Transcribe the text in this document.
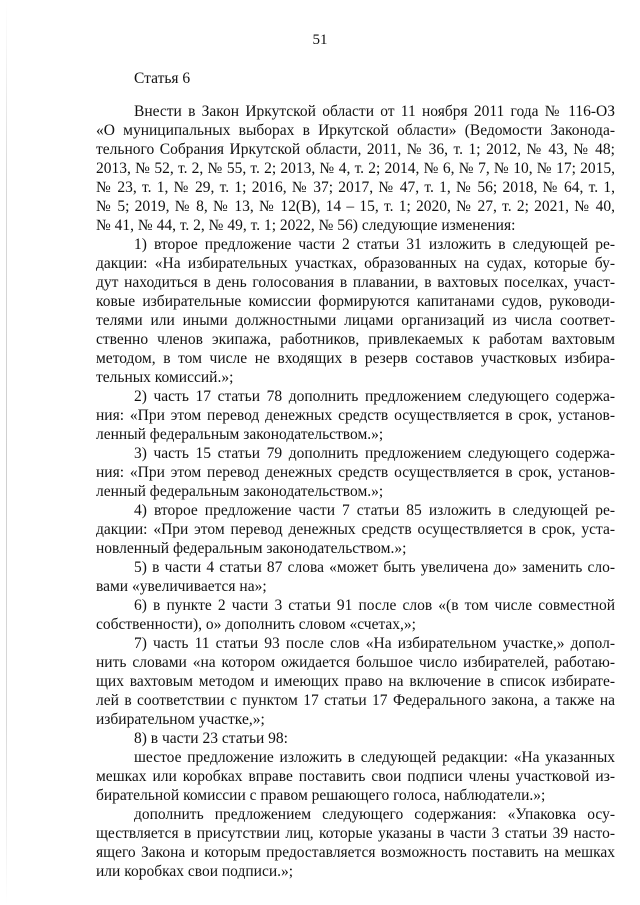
51
Статья 6
Внести в Закон Иркутской области от 11 ноября 2011 года № 116-ОЗ
«О муниципальных выборах в Иркутской области» (Ведомости Законода-
тельного Собрания Иркутской области, 2011, № 36, т. 1; 2012, № 43, № 48;
2013, № 52, т. 2, № 55, т. 2; 2013, № 4, т. 2; 2014, № 6, № 7, № 10, № 17; 2015,
№ 23, т. 1, № 29, т. 1; 2016, № 37; 2017, № 47, т. 1, № 56; 2018, № 64, т. 1,
№ 5; 2019, № 8, № 13, № 12(В), 14 – 15, т. 1; 2020, № 27, т. 2; 2021, № 40,
№ 41, № 44, т. 2, № 49, т. 1; 2022, № 56) следующие изменения:
1) второе предложение части 2 статьи 31 изложить в следующей ре-
дакции: «На избирательных участках, образованных на судах, которые бу-
дут находиться в день голосования в плавании, в вахтовых поселках, участ-
ковые избирательные комиссии формируются капитанами судов, руководи-
телями или иными должностными лицами организаций из числа соответ-
ственно членов экипажа, работников, привлекаемых к работам вахтовым
методом, в том числе не входящих в резерв составов участковых избира-
тельных комиссий.»;
2) часть 17 статьи 78 дополнить предложением следующего содержа-
ния: «При этом перевод денежных средств осуществляется в срок, установ-
ленный федеральным законодательством.»;
3) часть 15 статьи 79 дополнить предложением следующего содержа-
ния: «При этом перевод денежных средств осуществляется в срок, установ-
ленный федеральным законодательством.»;
4) второе предложение части 7 статьи 85 изложить в следующей ре-
дакции: «При этом перевод денежных средств осуществляется в срок, уста-
новленный федеральным законодательством.»;
5) в части 4 статьи 87 слова «может быть увеличена до» заменить сло-
вами «увеличивается на»;
6) в пункте 2 части 3 статьи 91 после слов «(в том числе совместной
собственности), о» дополнить словом «счетах,»;
7) часть 11 статьи 93 после слов «На избирательном участке,» допол-
нить словами «на котором ожидается большое число избирателей, работаю-
щих вахтовым методом и имеющих право на включение в список избирате-
лей в соответствии с пунктом 17 статьи 17 Федерального закона, а также на
избирательном участке,»;
8) в части 23 статьи 98:
шестое предложение изложить в следующей редакции: «На указанных
мешках или коробках вправе поставить свои подписи члены участковой из-
бирательной комиссии с правом решающего голоса, наблюдатели.»;
дополнить предложением следующего содержания: «Упаковка осу-
ществляется в присутствии лиц, которые указаны в части 3 статьи 39 насто-
ящего Закона и которым предоставляется возможность поставить на мешках
или коробках свои подписи.»;
